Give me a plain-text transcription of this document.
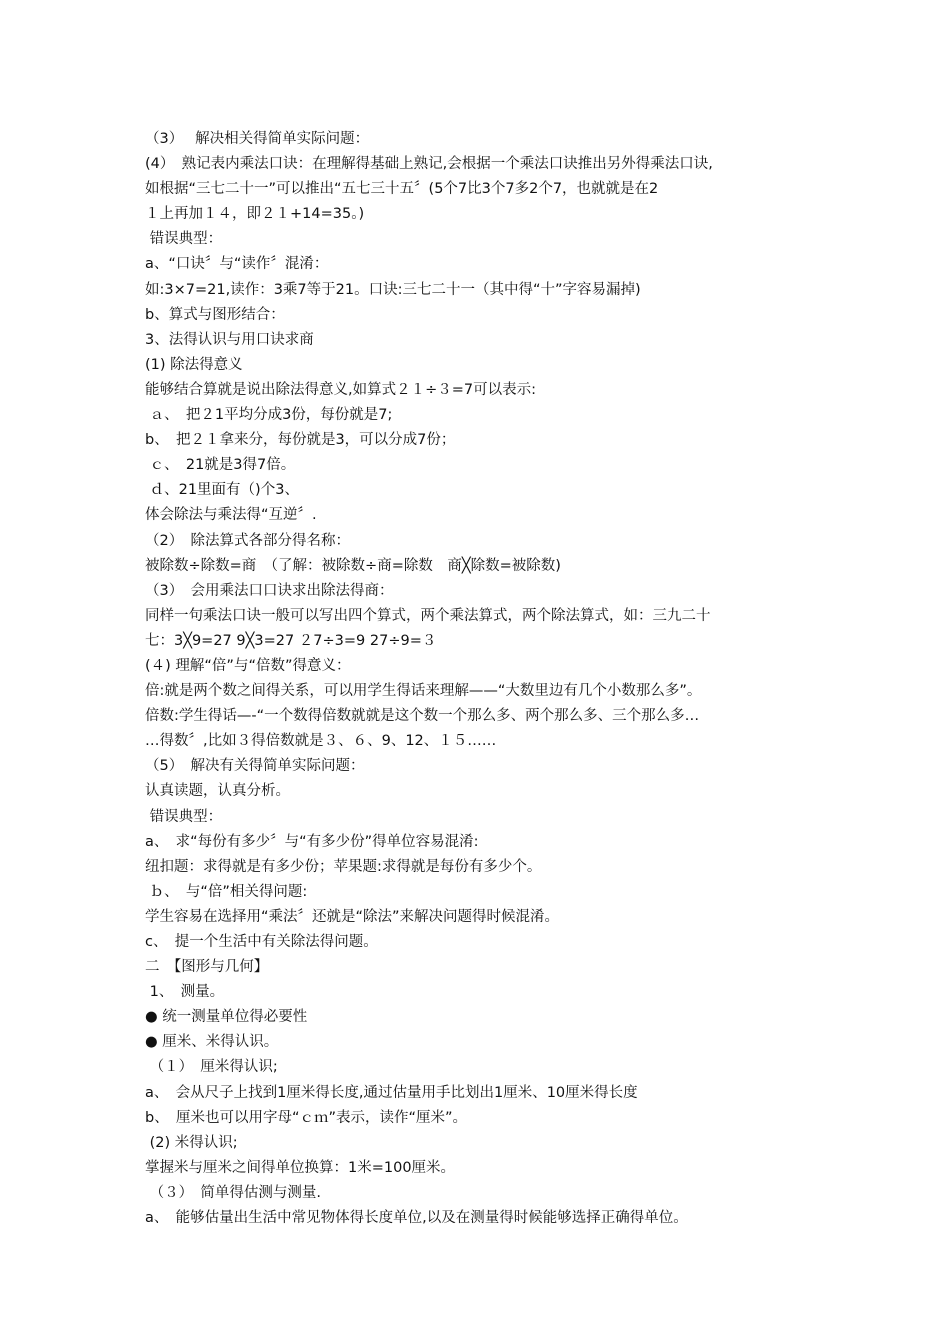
（3）　 解决相关得简单实际问题：
(4）　熟记表内乘法口诀：在理解得基础上熟记,会根据一个乘法口诀推出另外得乘法口诀,
如根据“三七二十一”可以推出“五七三十五〞(5个7比3个7多2个7，也就就是在2
１上再加１４，即２１+14=35。)
错误典型：
a、“口诀〞与“读作〞混淆：
如:3×7=21,读作：3乘7等于21。口诀:三七二十一（其中得“十”字容易漏掉)
b、算式与图形结合：
3、法得认识与用口诀求商
(1) 除法得意义
能够结合算就是说出除法得意义,如算式２１÷３=7可以表示:
ａ、　把２1平均分成3份，每份就是7;
b、　把２１拿来分，每份就是3，可以分成7份；
ｃ、　21就是3得7倍。
ｄ、21里面有（)个3、
体会除法与乘法得“互逆〞.
（2）　除法算式各部分得名称：
被除数÷除数=商　（了解：被除数÷商=除数　商╳除数=被除数)
（3）　会用乘法口口诀求出除法得商：
同样一句乘法口诀一般可以写出四个算式，两个乘法算式，两个除法算式，如：三九二十
七：3╳9=27 9╳3=27 ２7÷3=9 27÷9=３
(４) 理解“倍”与“倍数”得意义：
倍:就是两个数之间得关系，可以用学生得话来理解——“大数里边有几个小数那么多”。
倍数:学生得话—-“一个数得倍数就就是这个数一个那么多、两个那么多、三个那么多…
…得数〞,比如３得倍数就是３、６、9、12、１５……
（5）　解决有关得简单实际问题：
认真读题，认真分析。
错误典型：
a、　求“每份有多少〞与“有多少份”得单位容易混淆:
纽扣题：求得就是有多少份；苹果题:求得就是每份有多少个。
ｂ、　与“倍”相关得问题:
学生容易在选择用“乘法〞还就是“除法”来解决问题得时候混淆。
c、　提一个生活中有关除法得问题。
二　【图形与几何】
1、　测量。
● 统一测量单位得必要性
● 厘米、米得认识。
（１）　厘米得认识;
a、　会从尺子上找到1厘米得长度,通过估量用手比划出1厘米、10厘米得长度
b、　厘米也可以用字母“ｃｍ”表示，读作“厘米”。
(2) 米得认识;
掌握米与厘米之间得单位换算：1米=100厘米。
（３）　简单得估测与测量.
a、　能够估量出生活中常见物体得长度单位,以及在测量得时候能够选择正确得单位。
